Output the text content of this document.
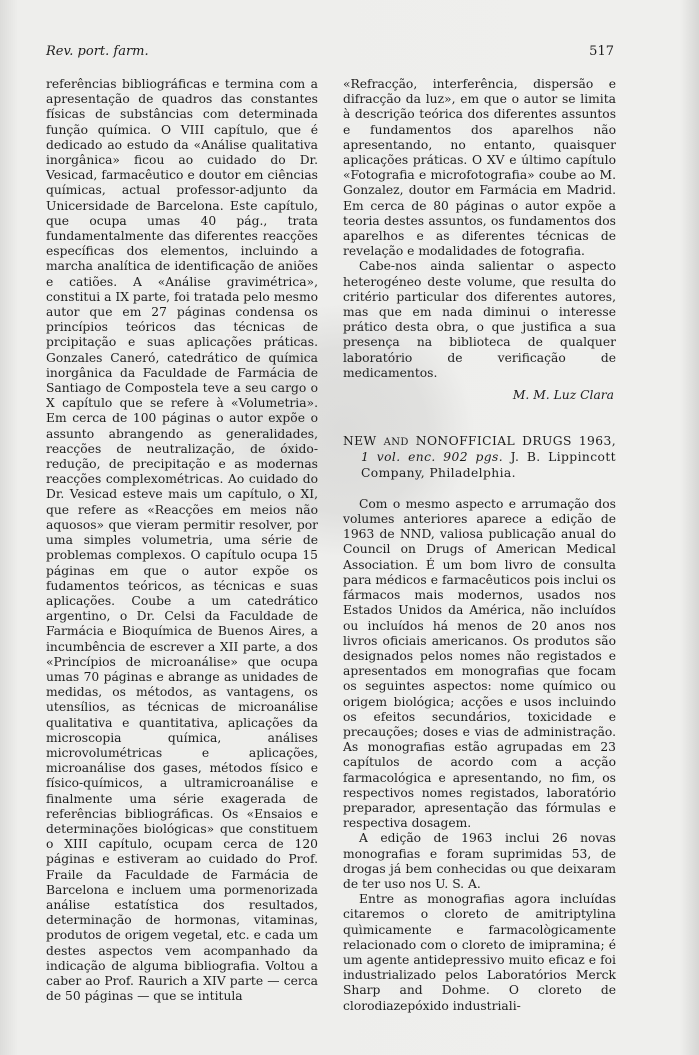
Rev. port. farm.	517

referências bibliográficas e termina com a apresentação de quadros das constantes físicas de substâncias com determinada função química. O VIII capítulo, que é dedicado ao estudo da «Análise qualitativa inorgânica» ficou ao cuidado do Dr. Vesicad, farmacêutico e doutor em ciências químicas, actual professor-adjunto da Unicersidade de Barcelona. Este capítulo, que ocupa umas 40 pág., trata fundamentalmente das diferentes reacções específicas dos elementos, incluindo a marcha analítica de identificação de aniões e catiões. A «Análise gravimétrica», constitui a IX parte, foi tratada pelo mesmo autor que em 27 páginas condensa os princípios teóricos das técnicas de prcipitação e suas aplicações práticas. Gonzales Caneró, catedrático de química inorgânica da Faculdade de Farmácia de Santiago de Compostela teve a seu cargo o X capítulo que se refere à «Volumetria». Em cerca de 100 páginas o autor expõe o assunto abrangendo as generalidades, reacções de neutralização, de óxido-redução, de precipitação e as modernas reacções complexométricas. Ao cuidado do Dr. Vesicad esteve mais um capítulo, o XI, que refere as «Reacções em meios não aquosos» que vieram permitir resolver, por uma simples volumetria, uma série de problemas complexos. O capítulo ocupa 15 páginas em que o autor expõe os fudamentos teóricos, as técnicas e suas aplicações. Coube a um catedrático argentino, o Dr. Celsi da Faculdade de Farmácia e Bioquímica de Buenos Aires, a incumbência de escrever a XII parte, a dos «Princípios de microanálise» que ocupa umas 70 páginas e abrange as unidades de medidas, os métodos, as vantagens, os utensílios, as técnicas de microanálise qualitativa e quantitativa, aplicações da microscopia química, análises microvolumétricas e aplicações, microanálise dos gases, métodos físico e físico-químicos, a ultramicroanálise e finalmente uma série exagerada de referências bibliográficas. Os «Ensaios e determinações biológicas» que constituem o XIII capítulo, ocupam cerca de 120 páginas e estiveram ao cuidado do Prof. Fraile da Faculdade de Farmácia de Barcelona e incluem uma pormenorizada análise estatística dos resultados, determinação de hormonas, vitaminas, produtos de origem vegetal, etc. e cada um destes aspectos vem acompanhado da indicação de alguma bibliografia. Voltou a caber ao Prof. Raurich a XIV parte — cerca de 50 páginas — que se intitula

«Refracção, interferência, dispersão e difracção da luz», em que o autor se limita à descrição teórica dos diferentes assuntos e fundamentos dos aparelhos não apresentando, no entanto, quaisquer aplicações práticas. O XV e último capítulo «Fotografia e microfotografia» coube ao M. Gonzalez, doutor em Farmácia em Madrid. Em cerca de 80 páginas o autor expõe a teoria destes assuntos, os fundamentos dos aparelhos e as diferentes técnicas de revelação e modalidades de fotografia.

Cabe-nos ainda salientar o aspecto heterogéneo deste volume, que resulta do critério particular dos diferentes autores, mas que em nada diminui o interesse prático desta obra, o que justifica a sua presença na biblioteca de qualquer laboratório de verificação de medicamentos.

M. M. Luz Clara

NEW AND NONOFFICIAL DRUGS 1963, 1 vol. enc. 902 pgs. J. B. Lippincott Company, Philadelphia.

Com o mesmo aspecto e arrumação dos volumes anteriores aparece a edição de 1963 de NND, valiosa publicação anual do Council on Drugs of American Medical Association. É um bom livro de consulta para médicos e farmacêuticos pois inclui os fármacos mais modernos, usados nos Estados Unidos da América, não incluídos ou incluídos há menos de 20 anos nos livros oficiais americanos. Os produtos são designados pelos nomes não registados e apresentados em monografias que focam os seguintes aspectos: nome químico ou origem biológica; acções e usos incluindo os efeitos secundários, toxicidade e precauções; doses e vias de administração. As monografias estão agrupadas em 23 capítulos de acordo com a acção farmacológica e apresentando, no fim, os respectivos nomes registados, laboratório preparador, apresentação das fórmulas e respectiva dosagem.

A edição de 1963 inclui 26 novas monografias e foram suprimidas 53, de drogas já bem conhecidas ou que deixaram de ter uso nos U. S. A.

Entre as monografias agora incluídas citaremos o cloreto de amitriptylina quìmicamente e farmacològicamente relacionado com o cloreto de imipramina; é um agente antidepressivo muito eficaz e foi industrializado pelos Laboratórios Merck Sharp and Dohme. O cloreto de clorodiazepóxido industriali-
